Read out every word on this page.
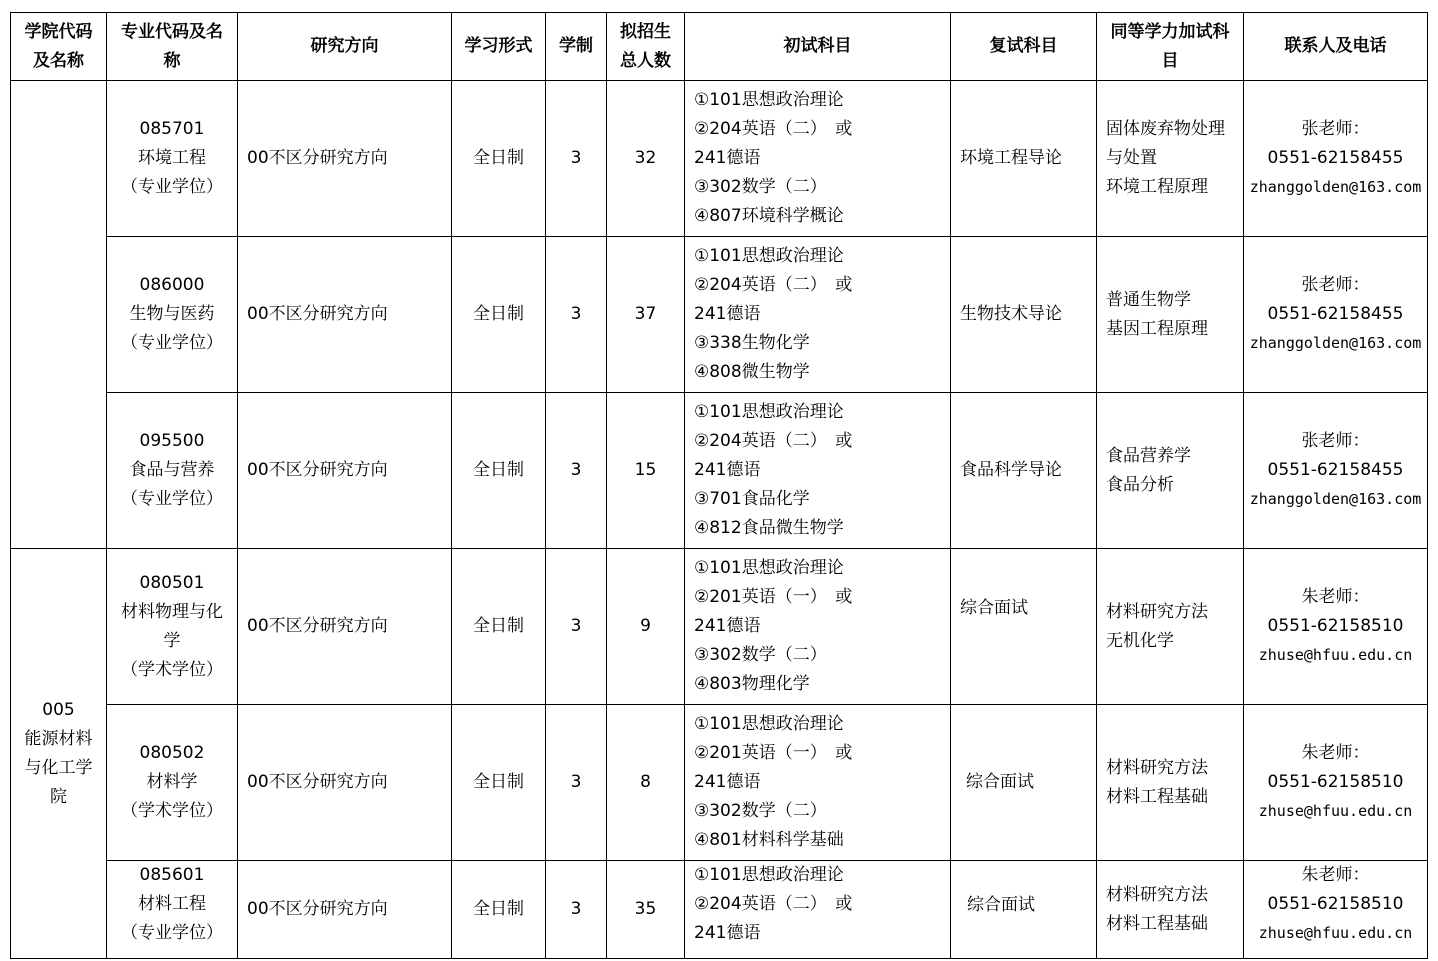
学院代码及名称	专业代码及名称	研究方向	学习形式	学制	拟招生总人数	初试科目	复试科目	同等学力加试科目	联系人及电话

	085701
环境工程
（专业学位）	00不区分研究方向	全日制	3	32	①101思想政治理论
②204英语（二）　或
241德语
③302数学（二）
④807环境科学概论	环境工程导论	固体废弃物处理
与处置
环境工程原理	张老师：
0551-62158455
zhanggolden@163.com

	086000
生物与医药
（专业学位）	00不区分研究方向	全日制	3	37	①101思想政治理论
②204英语（二）　或
241德语
③338生物化学
④808微生物学	生物技术导论	普通生物学
基因工程原理	张老师：
0551-62158455
zhanggolden@163.com

	095500
食品与营养
（专业学位）	00不区分研究方向	全日制	3	15	①101思想政治理论
②204英语（二）　或
241德语
③701食品化学
④812食品微生物学	食品科学导论	食品营养学
食品分析	张老师：
0551-62158455
zhanggolden@163.com

005
能源材料
与化工学
院	080501
材料物理与化
学
（学术学位）	00不区分研究方向	全日制	3	9	①101思想政治理论
②201英语（一）　或
241德语
③302数学（二）
④803物理化学	综合面试	材料研究方法
无机化学	朱老师：
0551-62158510
zhuse@hfuu.edu.cn

	080502
材料学
（学术学位）	00不区分研究方向	全日制	3	8	①101思想政治理论
②201英语（一）　或
241德语
③302数学（二）
④801材料科学基础	综合面试	材料研究方法
材料工程基础	朱老师：
0551-62158510
zhuse@hfuu.edu.cn

	085601
材料工程
（专业学位）	00不区分研究方向	全日制	3	35	①101思想政治理论
②204英语（二）　或
241德语	综合面试	材料研究方法
材料工程基础	朱老师：
0551-62158510
zhuse@hfuu.edu.cn
